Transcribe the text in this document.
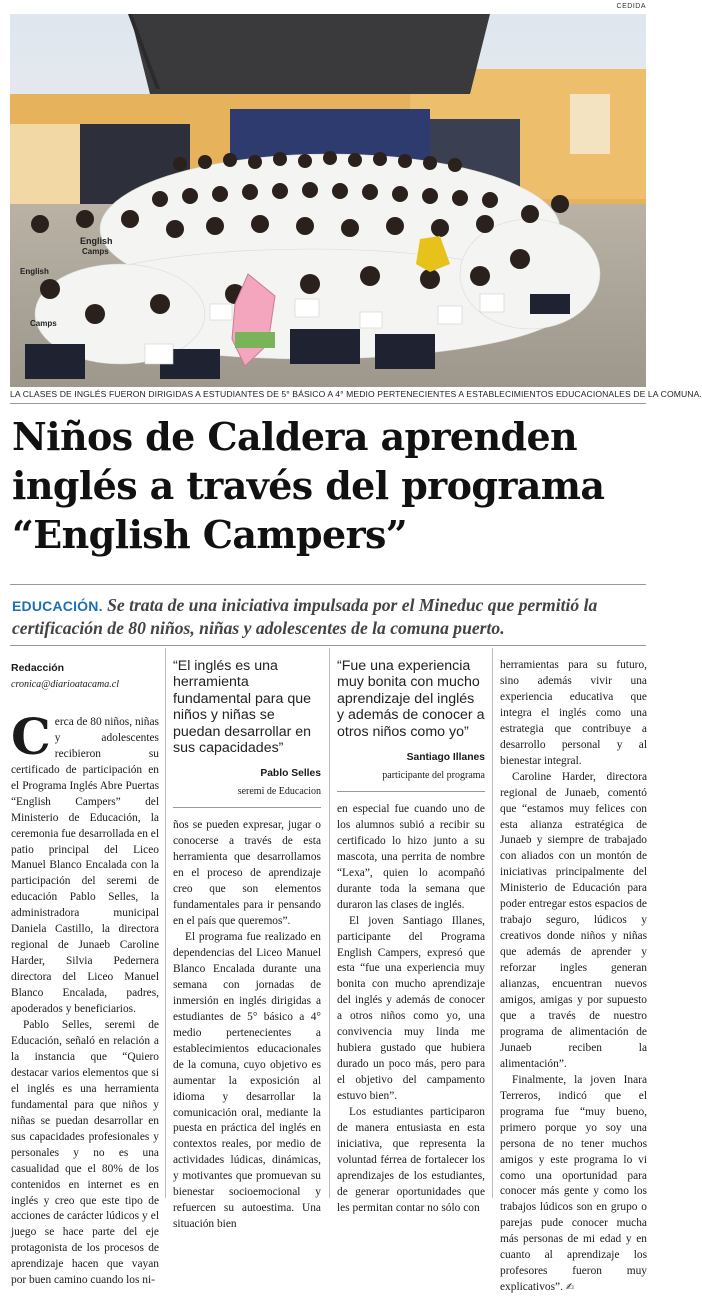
CEDIDA
English
Camps
English
Camps
LA CLASES DE INGLÉS FUERON DIRIGIDAS A ESTUDIANTES DE 5° BÁSICO A 4° MEDIO PERTENECIENTES A ESTABLECIMIENTOS EDUCACIONALES DE LA COMUNA.
Niños de Caldera aprenden
inglés a través del programa
“English Campers”
EDUCACIÓN. Se trata de una iniciativa impulsada por el Mineduc que permitió la certificación de 80 niños, niñas y adolescentes de la comuna puerto.
Redacción
cronica@diarioatacama.cl

Cerca de 80 niños, niñas y adolescentes recibieron su certificado de participación en el Programa Inglés Abre Puertas “English Campers” del Ministerio de Educación, la ceremonia fue desarrollada en el patio principal del Liceo Manuel Blanco Encalada con la participación del seremi de educación Pablo Selles, la administradora municipal Daniela Castillo, la directora regional de Junaeb Caroline Harder, Silvia Pedernera directora del Liceo Manuel Blanco Encalada, padres, apoderados y beneficiarios.

Pablo Selles, seremi de Educación, señaló en relación a la instancia que “Quiero destacar varios elementos que si el inglés es una herramienta fundamental para que niños y niñas se puedan desarrollar en sus capacidades profesionales y personales y no es una casualidad que el 80% de los contenidos en internet es en inglés y creo que este tipo de acciones de carácter lúdicos y el juego se hace parte del eje protagonista de los procesos de aprendizaje hacen que vayan por buen camino cuando los ni-

“El inglés es una herramienta fundamental para que niños y niñas se puedan desarrollar en sus capacidades”
Pablo Selles
seremi de Educacion

ños se pueden expresar, jugar o conocerse a través de esta herramienta que desarrollamos en el proceso de aprendizaje creo que son elementos fundamentales para ir pensando en el país que queremos”.

El programa fue realizado en dependencias del Liceo Manuel Blanco Encalada durante una semana con jornadas de inmersión en inglés dirigidas a estudiantes de 5° básico a 4° medio pertenecientes a establecimientos educacionales de la comuna, cuyo objetivo es aumentar la exposición al idioma y desarrollar la comunicación oral, mediante la puesta en práctica del inglés en contextos reales, por medio de actividades lúdicas, dinámicas, y motivantes que promuevan su bienestar socioemocional y refuercen su autoestima. Una situación bien

“Fue una experiencia muy bonita con mucho aprendizaje del inglés y además de conocer a otros niños como yo”
Santiago Illanes
participante del programa

en especial fue cuando uno de los alumnos subió a recibir su certificado lo hizo junto a su mascota, una perrita de nombre “Lexa”, quien lo acompañó durante toda la semana que duraron las clases de inglés.

El joven Santiago Illanes, participante del Programa English Campers, expresó que esta “fue una experiencia muy bonita con mucho aprendizaje del inglés y además de conocer a otros niños como yo, una convivencia muy linda me hubiera gustado que hubiera durado un poco más, pero para el objetivo del campamento estuvo bien”.

Los estudiantes participaron de manera entusiasta en esta iniciativa, que representa la voluntad férrea de fortalecer los aprendizajes de los estudiantes, de generar oportunidades que les permitan contar no sólo con

herramientas para su futuro, sino además vivir una experiencia educativa que integra el inglés como una estrategia que contribuye a desarrollo personal y al bienestar integral.

Caroline Harder, directora regional de Junaeb, comentó que “estamos muy felices con esta alianza estratégica de Junaeb y siempre de trabajado con aliados con un montón de iniciativas principalmente del Ministerio de Educación para poder entregar estos espacios de trabajo seguro, lúdicos y creativos donde niños y niñas que además de aprender y reforzar ingles generan alianzas, encuentran nuevos amigos, amigas y por supuesto que a través de nuestro programa de alimentación de Junaeb reciben la alimentación”.

Finalmente, la joven Inara Terreros, indicó que el programa fue “muy bueno, primero porque yo soy una persona de no tener muchos amigos y este programa lo vi como una oportunidad para conocer más gente y como los trabajos lúdicos son en grupo o parejas pude conocer mucha más personas de mi edad y en cuanto al aprendizaje los profesores fueron muy explicativos”. ✍
